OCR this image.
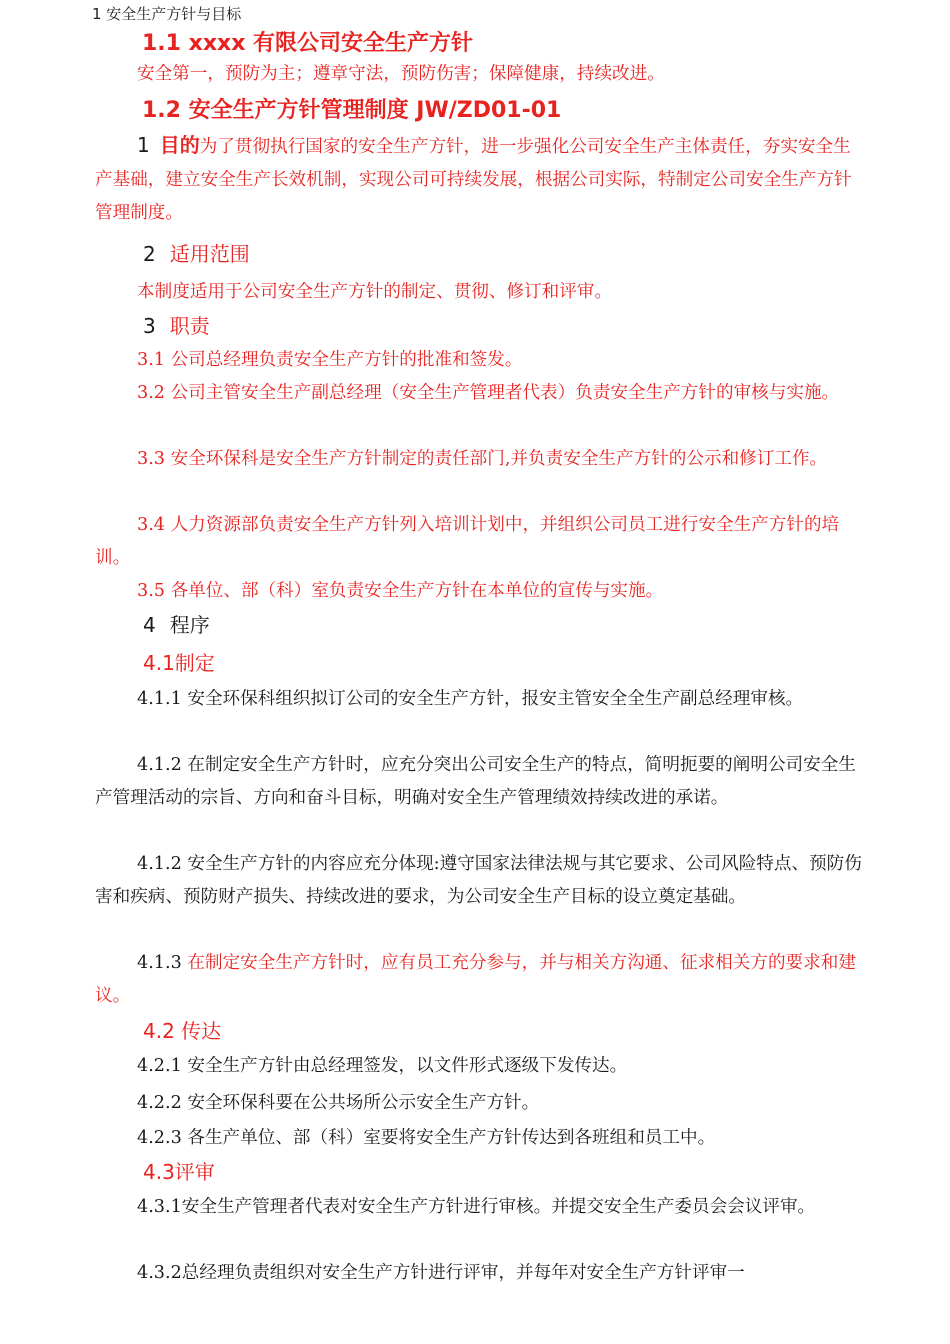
1 安全生产方针与目标
1.1 xxxx 有限公司安全生产方针
安全第一，预防为主；遵章守法，预防伤害；保障健康，持续改进。
1.2 安全生产方针管理制度 JW/ZD01-01

1 目的为了贯彻执行国家的安全生产方针，进一步强化公司安全生产主体责任，夯实安全生产基础，建立安全生产长效机制，实现公司可持续发展，根据公司实际，特制定公司安全生产方针管理制度。

2 适用范围
本制度适用于公司安全生产方针的制定、贯彻、修订和评审。
3 职责
3.1 公司总经理负责安全生产方针的批准和签发。

3.2 公司主管安全生产副总经理（安全生产管理者代表）负责安全生产方针的审核与实施。

3.3 安全环保科是安全生产方针制定的责任部门,并负责安全生产方针的公示和修订工作。

3.4 人力资源部负责安全生产方针列入培训计划中，并组织公司员工进行安全生产方针的培训。

3.5 各单位、部（科）室负责安全生产方针在本单位的宣传与实施。
4 程序
4.1制定

4.1.1 安全环保科组织拟订公司的安全生产方针，报安主管安全全生产副总经理审核。

4.1.2 在制定安全生产方针时，应充分突出公司安全生产的特点，简明扼要的阐明公司安全生产管理活动的宗旨、方向和奋斗目标，明确对安全生产管理绩效持续改进的承诺。

4.1.2 安全生产方针的内容应充分体现:遵守国家法律法规与其它要求、公司风险特点、预防伤害和疾病、预防财产损失、持续改进的要求，为公司安全生产目标的设立奠定基础。

4.1.3 在制定安全生产方针时，应有员工充分参与，并与相关方沟通、征求相关方的要求和建议。

4.2 传达
4.2.1 安全生产方针由总经理签发，以文件形式逐级下发传达。
4.2.2 安全环保科要在公共场所公示安全生产方针。
4.2.3 各生产单位、部（科）室要将安全生产方针传达到各班组和员工中。
4.3评审

4.3.1安全生产管理者代表对安全生产方针进行审核。并提交安全生产委员会会议评审。

4.3.2总经理负责组织对安全生产方针进行评审，并每年对安全生产方针评审一
